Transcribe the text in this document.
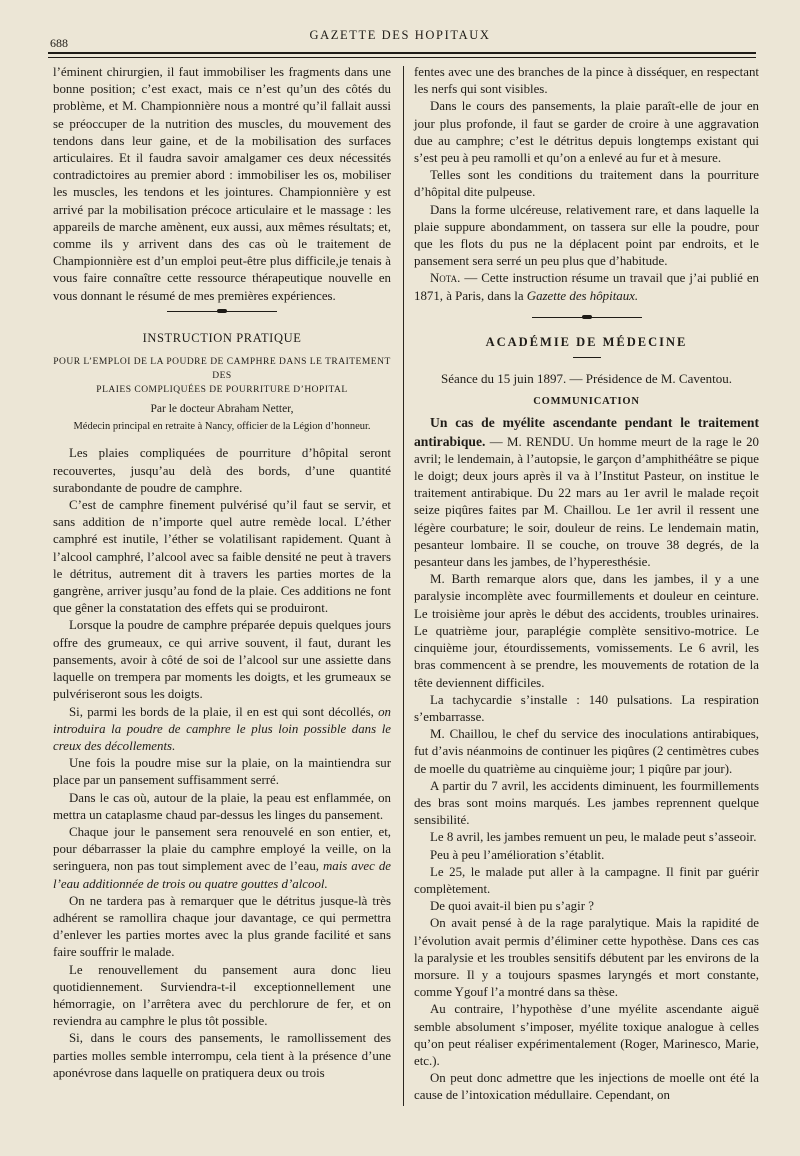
688
GAZETTE DES HOPITAUX

l’éminent chirurgien, il faut immobiliser les fragments dans une bonne position; c’est exact, mais ce n’est qu’un des côtés du problème, et M. Championnière nous a montré qu’il fallait aussi se préoccuper de la nutrition des muscles, du mouvement des tendons dans leur gaine, et de la mobilisation des surfaces articulaires. Et il faudra savoir amalgamer ces deux nécessités contradictoires au premier abord : immobiliser les os, mobiliser les muscles, les tendons et les jointures. Championnière y est arrivé par la mobilisation précoce articulaire et le massage : les appareils de marche amènent, eux aussi, aux mêmes résultats; et, comme ils y arrivent dans des cas où le traitement de Championnière est d’un emploi peut-être plus difficile,je tenais à vous faire connaître cette ressource thérapeutique nouvelle en vous donnant le résumé de mes premières expériences.

INSTRUCTION PRATIQUE
POUR L’EMPLOI DE LA POUDRE DE CAMPHRE DANS LE TRAITEMENT DES
PLAIES COMPLIQUÉES DE POURRITURE D’HOPITAL
Par le docteur Abraham Netter,
Médecin principal en retraite à Nancy, officier de la Légion d’honneur.

Les plaies compliquées de pourriture d’hôpital seront recouvertes, jusqu’au delà des bords, d’une quantité surabondante de poudre de camphre.

C’est de camphre finement pulvérisé qu’il faut se servir, et sans addition de n’importe quel autre remède local. L’éther camphré est inutile, l’éther se volatilisant rapidement. Quant à l’alcool camphré, l’alcool avec sa faible densité ne peut à travers le détritus, autrement dit à travers les parties mortes de la gangrène, arriver jusqu’au fond de la plaie. Ces additions ne font que gêner la constatation des effets qui se produiront.

Lorsque la poudre de camphre préparée depuis quelques jours offre des grumeaux, ce qui arrive souvent, il faut, durant les pansements, avoir à côté de soi de l’alcool sur une assiette dans laquelle on trempera par moments les doigts, et les grumeaux se pulvériseront sous les doigts.

Si, parmi les bords de la plaie, il en est qui sont décollés, on introduira la poudre de camphre le plus loin possible dans le creux des décollements.

Une fois la poudre mise sur la plaie, on la maintiendra sur place par un pansement suffisamment serré.

Dans le cas où, autour de la plaie, la peau est enflammée, on mettra un cataplasme chaud par-dessus les linges du pansement.

Chaque jour le pansement sera renouvelé en son entier, et, pour débarrasser la plaie du camphre employé la veille, on la seringuera, non pas tout simplement avec de l’eau, mais avec de l’eau additionnée de trois ou quatre gouttes d’alcool.

On ne tardera pas à remarquer que le détritus jusque-là très adhérent se ramollira chaque jour davantage, ce qui permettra d’enlever les parties mortes avec la plus grande facilité et sans faire souffrir le malade.

Le renouvellement du pansement aura donc lieu quotidiennement. Surviendra-t-il exceptionnellement une hémorragie, on l’arrêtera avec du perchlorure de fer, et on reviendra au camphre le plus tôt possible.

Si, dans le cours des pansements, le ramollissement des parties molles semble interrompu, cela tient à la présence d’une aponévrose dans laquelle on pratiquera deux ou trois

fentes avec une des branches de la pince à disséquer, en respectant les nerfs qui sont visibles.

Dans le cours des pansements, la plaie paraît-elle de jour en jour plus profonde, il faut se garder de croire à une aggravation due au camphre; c’est le détritus depuis longtemps existant qui s’est peu à peu ramolli et qu’on a enlevé au fur et à mesure.

Telles sont les conditions du traitement dans la pourriture d’hôpital dite pulpeuse.

Dans la forme ulcéreuse, relativement rare, et dans laquelle la plaie suppure abondamment, on tassera sur elle la poudre, pour que les flots du pus ne la déplacent point par endroits, et le pansement sera serré un peu plus que d’habitude.

Nota. — Cette instruction résume un travail que j’ai publié en 1871, à Paris, dans la Gazette des hôpitaux.

ACADÉMIE DE MÉDECINE
Séance du 15 juin 1897. — Présidence de M. Caventou.
COMMUNICATION

Un cas de myélite ascendante pendant le traitement antirabique. — M. RENDU. Un homme meurt de la rage le 20 avril; le lendemain, à l’autopsie, le garçon d’amphithéâtre se pique le doigt; deux jours après il va à l’Institut Pasteur, on institue le traitement antirabique. Du 22 mars au 1er avril le malade reçoit seize piqûres faites par M. Chaillou. Le 1er avril il ressent une légère courbature; le soir, douleur de reins. Le lendemain matin, pesanteur lombaire. Il se couche, on trouve 38 degrés, de la pesanteur dans les jambes, de l’hyperesthésie.

M. Barth remarque alors que, dans les jambes, il y a une paralysie incomplète avec fourmillements et douleur en ceinture. Le troisième jour après le début des accidents, troubles urinaires. Le quatrième jour, paraplégie complète sensitivo-motrice. Le cinquième jour, étourdissements, vomissements. Le 6 avril, les bras commencent à se prendre, les mouvements de rotation de la tête deviennent difficiles.

La tachycardie s’installe : 140 pulsations. La respiration s’embarrasse.

M. Chaillou, le chef du service des inoculations antirabiques, fut d’avis néanmoins de continuer les piqûres (2 centimètres cubes de moelle du quatrième au cinquième jour; 1 piqûre par jour).

A partir du 7 avril, les accidents diminuent, les fourmillements des bras sont moins marqués. Les jambes reprennent quelque sensibilité.

Le 8 avril, les jambes remuent un peu, le malade peut s’asseoir.

Peu à peu l’amélioration s’établit.

Le 25, le malade put aller à la campagne. Il finit par guérir complètement.

De quoi avait-il bien pu s’agir ?

On avait pensé à de la rage paralytique. Mais la rapidité de l’évolution avait permis d’éliminer cette hypothèse. Dans ces cas la paralysie et les troubles sensitifs débutent par les environs de la morsure. Il y a toujours spasmes laryngés et mort constante, comme Ygouf l’a montré dans sa thèse.

Au contraire, l’hypothèse d’une myélite ascendante aiguë semble absolument s’imposer, myélite toxique analogue à celles qu’on peut réaliser expérimentalement (Roger, Marinesco, Marie, etc.).

On peut donc admettre que les injections de moelle ont été la cause de l’intoxication médullaire. Cependant, on
